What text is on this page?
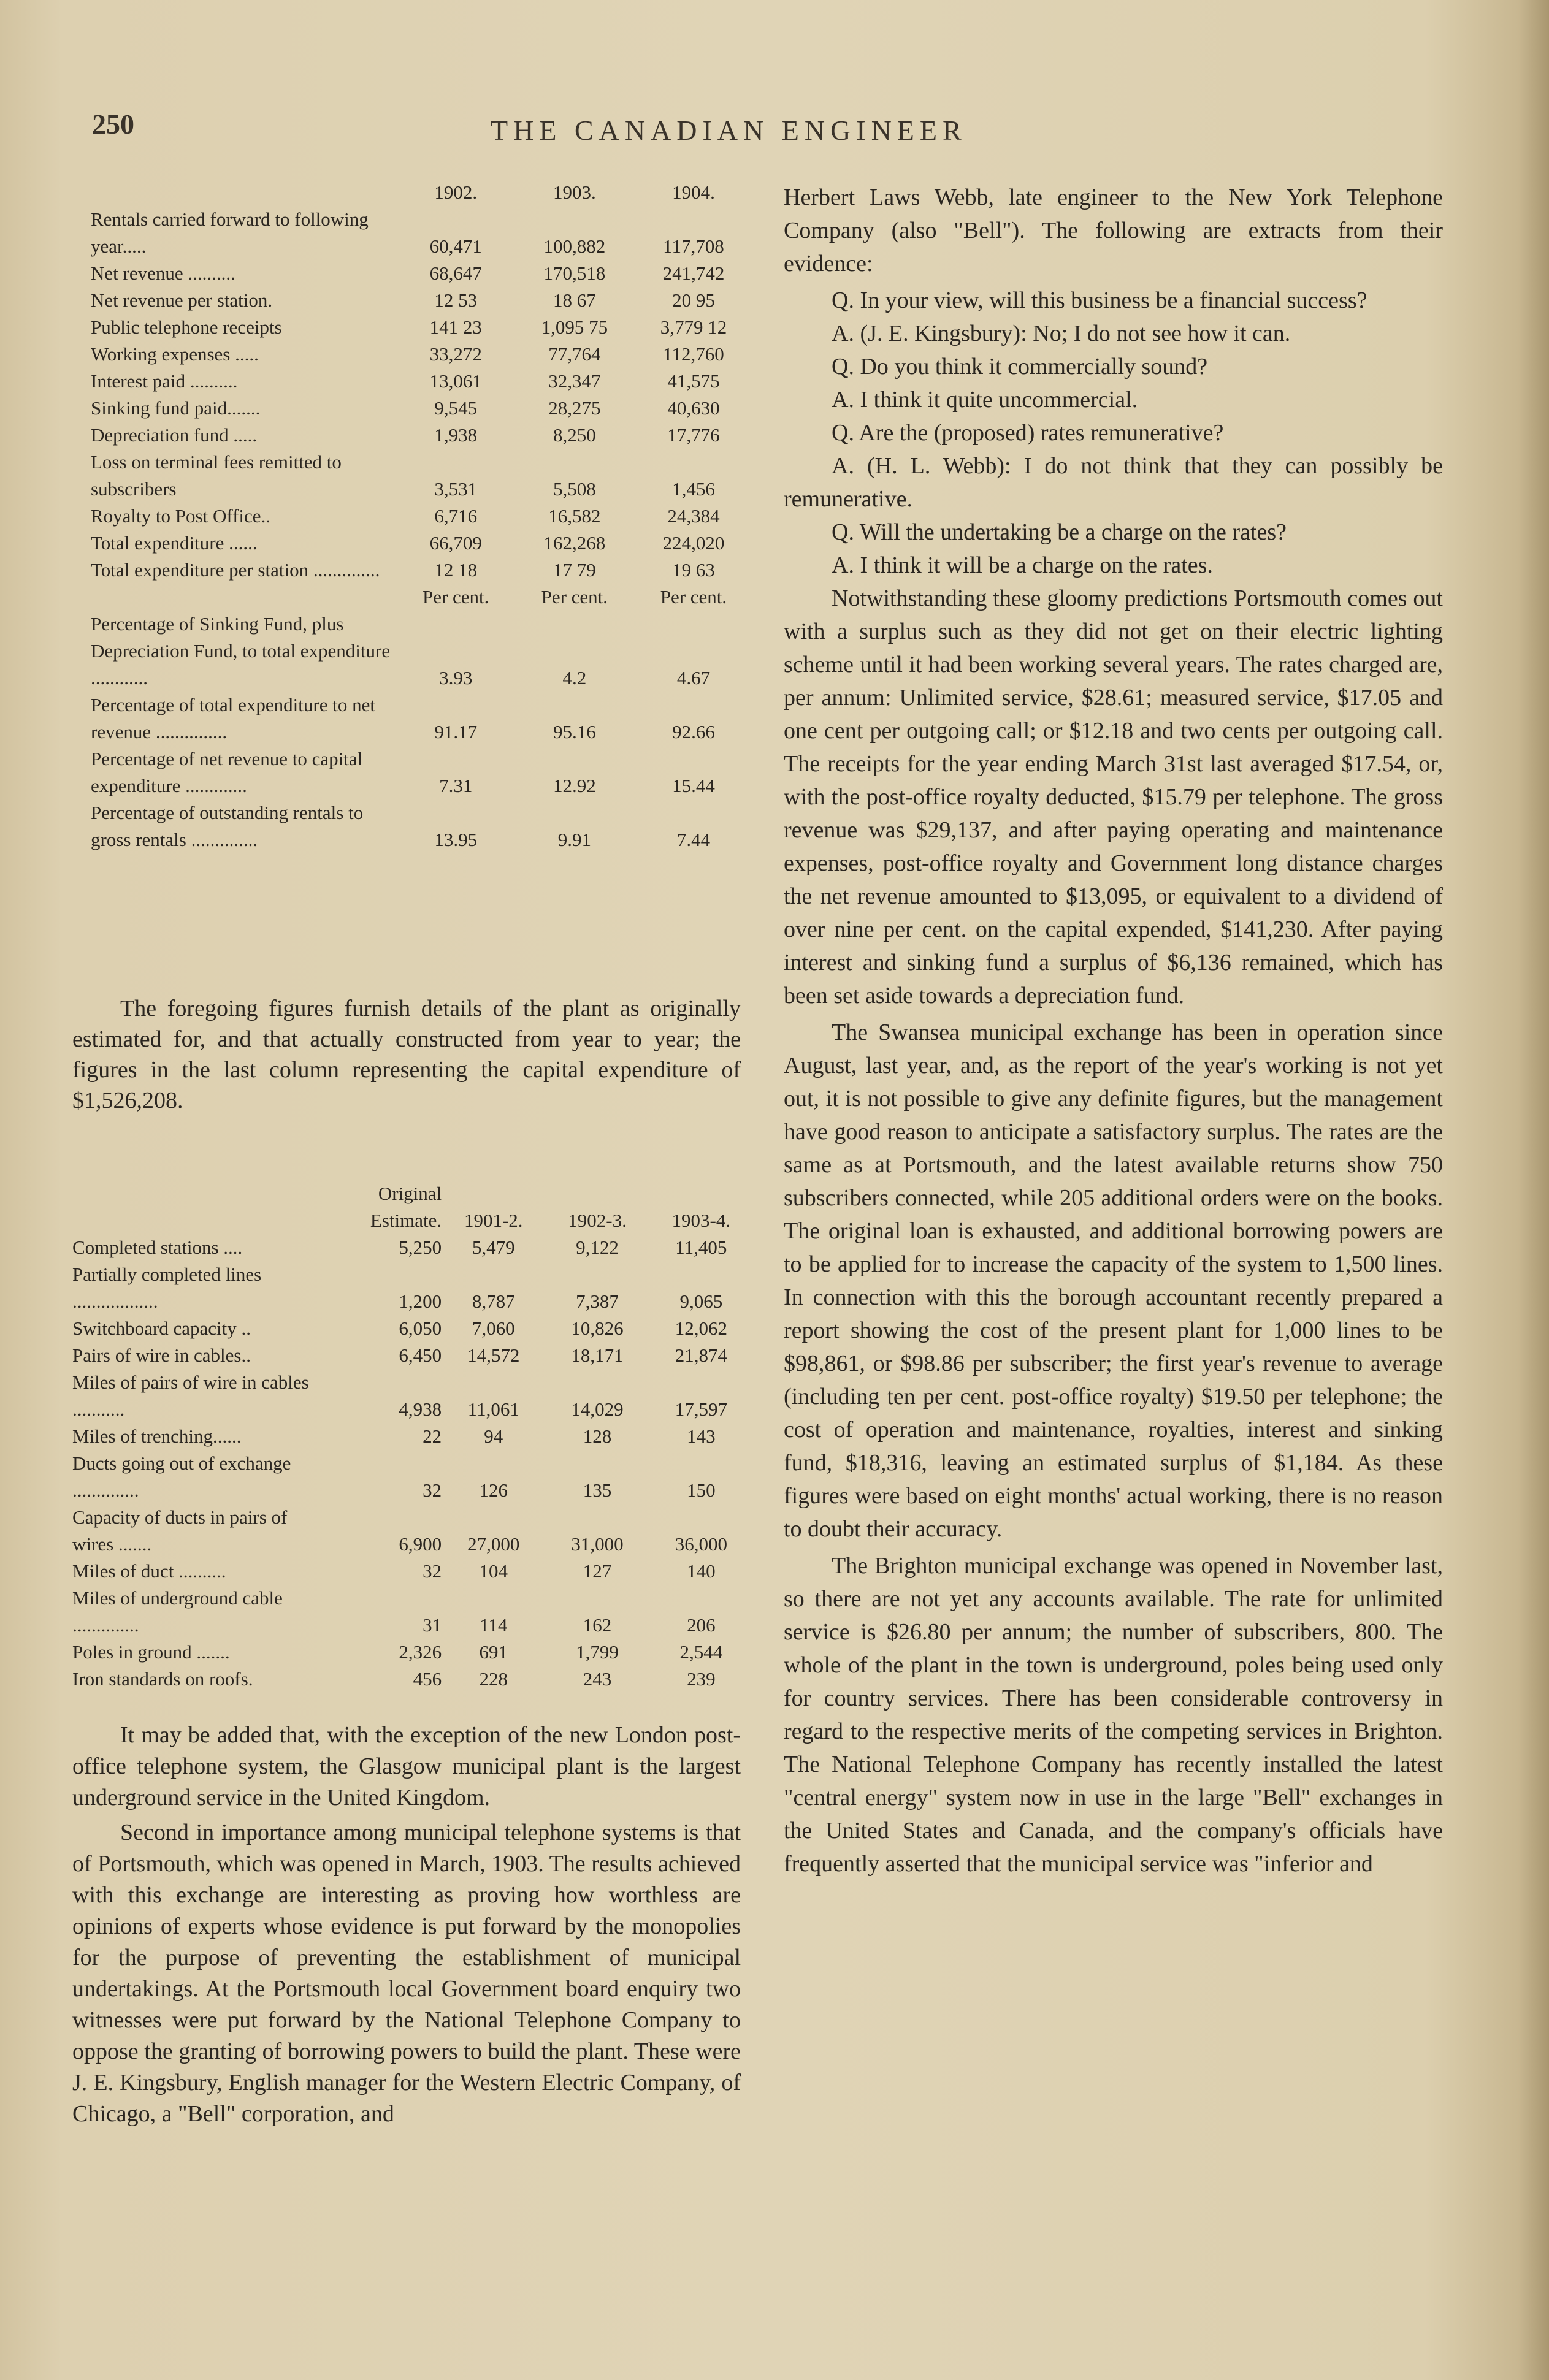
250	THE CANADIAN ENGINEER
	1902.	1903.	1904.
Rentals carried forward to following year.....	60,471	100,882	117,708
Net revenue ..........	68,647	170,518	241,742
Net revenue per station.	12 53	18 67	20 95
Public telephone receipts	141 23	1,095 75	3,779 12
Working expenses .....	33,272	77,764	112,760
Interest paid ..........	13,061	32,347	41,575
Sinking fund paid.......	9,545	28,275	40,630
Depreciation fund .....	1,938	8,250	17,776
Loss on terminal fees remitted to subscribers	3,531	5,508	1,456
Royalty to Post Office..	6,716	16,582	24,384
Total expenditure ......	66,709	162,268	224,020
Total expenditure per station ..............	12 18	17 79	19 63
	Per cent.	Per cent.	Per cent.
Percentage of Sinking Fund, plus Depreciation Fund, to total expenditure ............	3.93	4.2	4.67
Percentage of total expenditure to net revenue ...............	91.17	95.16	92.66
Percentage of net revenue to capital expenditure .............	7.31	12.92	15.44
Percentage of outstanding rentals to gross rentals ..............	13.95	9.91	7.44

The foregoing figures furnish details of the plant as originally estimated for, and that actually constructed from year to year; the figures in the last column representing the capital expenditure of $1,526,208.

	Original Estimate.	1901-2.	1902-3.	1903-4.
Completed stations ....	5,250	5,479	9,122	11,405
Partially completed lines ..................	1,200	8,787	7,387	9,065
Switchboard capacity ..	6,050	7,060	10,826	12,062
Pairs of wire in cables..	6,450	14,572	18,171	21,874
Miles of pairs of wire in cables ...........	4,938	11,061	14,029	17,597
Miles of trenching......	22	94	128	143
Ducts going out of exchange ..............	32	126	135	150
Capacity of ducts in pairs of wires .......	6,900	27,000	31,000	36,000
Miles of duct ..........	32	104	127	140
Miles of underground cable ..............	31	114	162	206
Poles in ground .......	2,326	691	1,799	2,544
Iron standards on roofs.	456	228	243	239

It may be added that, with the exception of the new London post-office telephone system, the Glasgow municipal plant is the largest underground service in the United Kingdom.

Second in importance among municipal telephone systems is that of Portsmouth, which was opened in March, 1903. The results achieved with this exchange are interesting as proving how worthless are opinions of experts whose evidence is put forward by the monopolies for the purpose of preventing the establishment of municipal undertakings. At the Portsmouth local Government board enquiry two witnesses were put forward by the National Telephone Company to oppose the granting of borrowing powers to build the plant. These were J. E. Kingsbury, English manager for the Western Electric Company, of Chicago, a "Bell" corporation, and

Herbert Laws Webb, late engineer to the New York Telephone Company (also "Bell"). The following are extracts from their evidence:

Q. In your view, will this business be a financial success?

A. (J. E. Kingsbury): No; I do not see how it can.

Q. Do you think it commercially sound?

A. I think it quite uncommercial.

Q. Are the (proposed) rates remunerative?

A. (H. L. Webb): I do not think that they can possibly be remunerative.

Q. Will the undertaking be a charge on the rates?

A. I think it will be a charge on the rates.

Notwithstanding these gloomy predictions Portsmouth comes out with a surplus such as they did not get on their electric lighting scheme until it had been working several years. The rates charged are, per annum: Unlimited service, $28.61; measured service, $17.05 and one cent per outgoing call; or $12.18 and two cents per outgoing call. The receipts for the year ending March 31st last averaged $17.54, or, with the post-office royalty deducted, $15.79 per telephone. The gross revenue was $29,137, and after paying operating and maintenance expenses, post-office royalty and Government long distance charges the net revenue amounted to $13,095, or equivalent to a dividend of over nine per cent. on the capital expended, $141,230. After paying interest and sinking fund a surplus of $6,136 remained, which has been set aside towards a depreciation fund.

The Swansea municipal exchange has been in operation since August, last year, and, as the report of the year's working is not yet out, it is not possible to give any definite figures, but the management have good reason to anticipate a satisfactory surplus. The rates are the same as at Portsmouth, and the latest available returns show 750 subscribers connected, while 205 additional orders were on the books. The original loan is exhausted, and additional borrowing powers are to be applied for to increase the capacity of the system to 1,500 lines. In connection with this the borough accountant recently prepared a report showing the cost of the present plant for 1,000 lines to be $98,861, or $98.86 per subscriber; the first year's revenue to average (including ten per cent. post-office royalty) $19.50 per telephone; the cost of operation and maintenance, royalties, interest and sinking fund, $18,316, leaving an estimated surplus of $1,184. As these figures were based on eight months' actual working, there is no reason to doubt their accuracy.

The Brighton municipal exchange was opened in November last, so there are not yet any accounts available. The rate for unlimited service is $26.80 per annum; the number of subscribers, 800. The whole of the plant in the town is underground, poles being used only for country services. There has been considerable controversy in regard to the respective merits of the competing services in Brighton. The National Telephone Company has recently installed the latest "central energy" system now in use in the large "Bell" exchanges in the United States and Canada, and the company's officials have frequently asserted that the municipal service was "inferior and
